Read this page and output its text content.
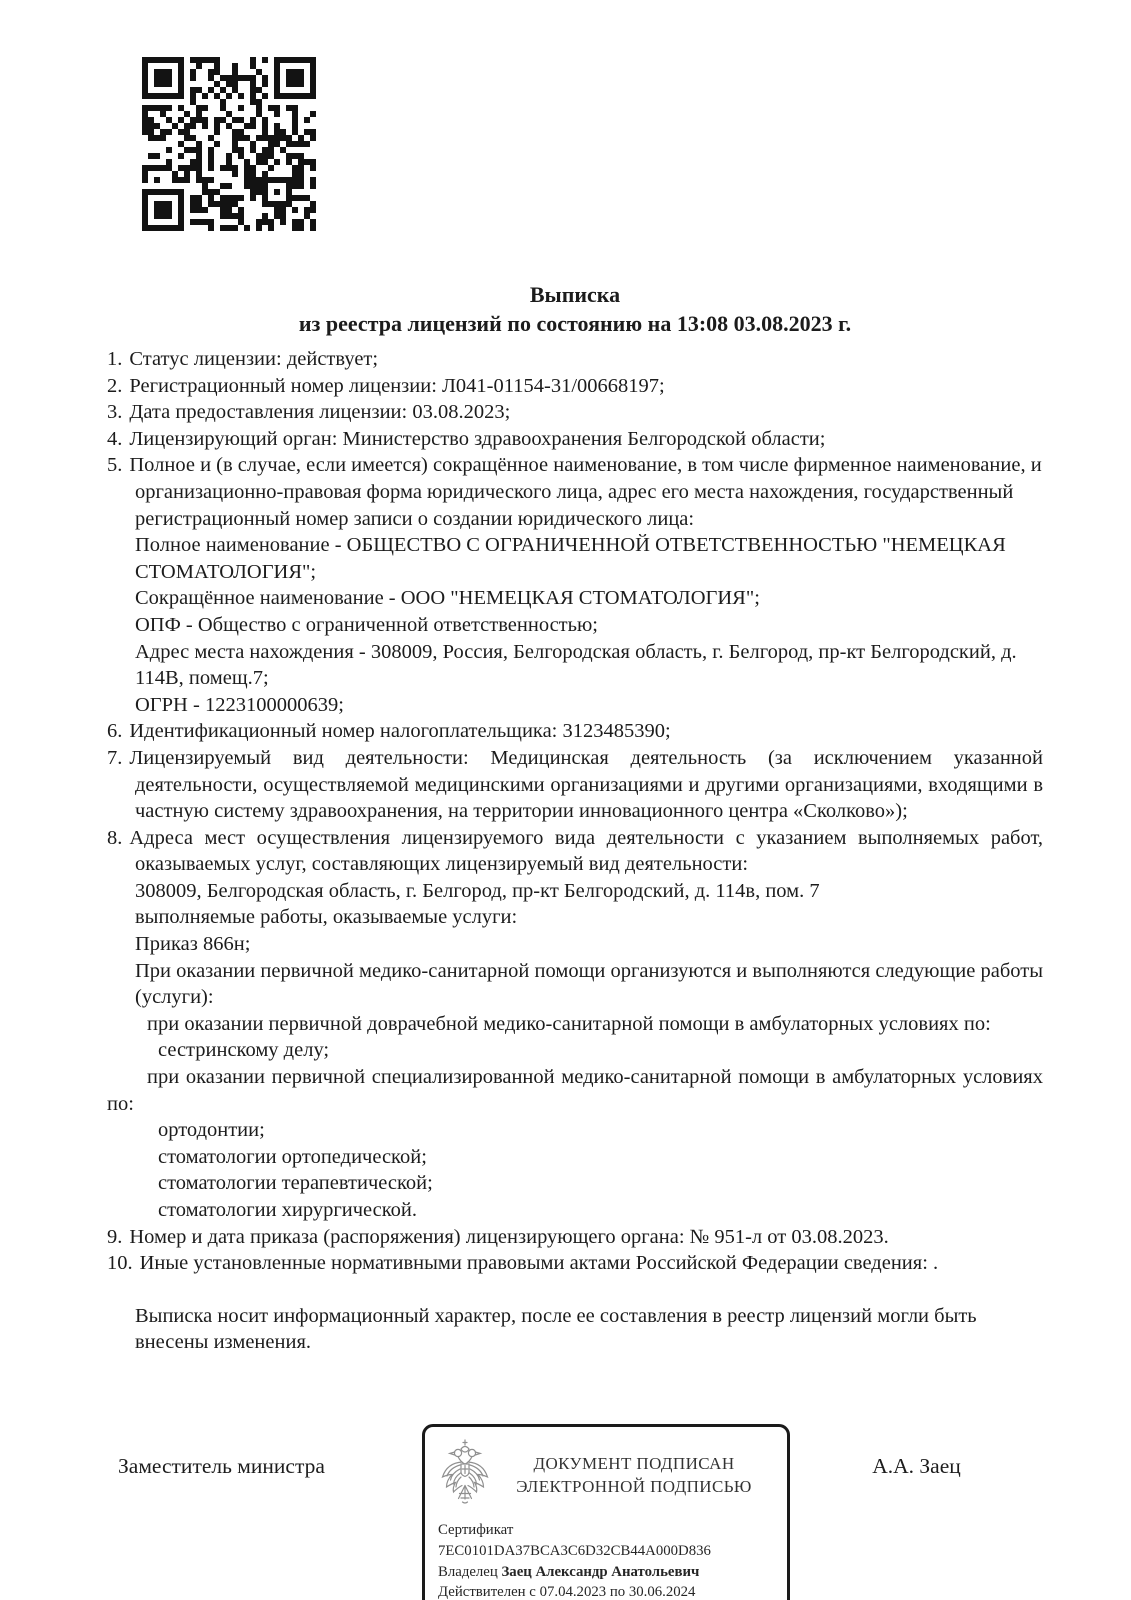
Выписка
из реестра лицензий по состоянию на 13:08 03.08.2023 г.

1. Статус лицензии: действует;

2. Регистрационный номер лицензии: Л041-01154-31/00668197;

3. Дата предоставления лицензии: 03.08.2023;

4. Лицензирующий орган: Министерство здравоохранения Белгородской области;

5. Полное и (в случае, если имеется) сокращённое наименование, в том числе фирменное наименование, и организационно-правовая форма юридического лица, адрес его места нахождения, государственный регистрационный номер записи о создании юридического лица:

Полное наименование - ОБЩЕСТВО С ОГРАНИЧЕННОЙ ОТВЕТСТВЕННОСТЬЮ "НЕМЕЦКАЯ СТОМАТОЛОГИЯ";
Сокращённое наименование - ООО "НЕМЕЦКАЯ СТОМАТОЛОГИЯ";
ОПФ - Общество с ограниченной ответственностью;
Адрес места нахождения - 308009, Россия, Белгородская область, г. Белгород, пр-кт Белгородский, д. 114В, помещ.7;
ОГРН - 1223100000639;

6. Идентификационный номер налогоплательщика: 3123485390;

7. Лицензируемый вид деятельности: Медицинская деятельность (за исключением указанной деятельности, осуществляемой медицинскими организациями и другими организациями, входящими в частную систему здравоохранения, на территории инновационного центра «Сколково»);

8. Адреса мест осуществления лицензируемого вида деятельности с указанием выполняемых работ, оказываемых услуг, составляющих лицензируемый вид деятельности:

308009, Белгородская область, г. Белгород, пр-кт Белгородский, д. 114в, пом. 7
выполняемые работы, оказываемые услуги:
Приказ 866н;
При оказании первичной медико-санитарной помощи организуются и выполняются следующие работы (услуги):
при оказании первичной доврачебной медико-санитарной помощи в амбулаторных условиях по:
сестринскому делу;
при оказании первичной специализированной медико-санитарной помощи в амбулаторных условиях по:
ортодонтии;
стоматологии ортопедической;
стоматологии терапевтической;
стоматологии хирургической.

9. Номер и дата приказа (распоряжения) лицензирующего органа: № 951-л от 03.08.2023.

10. Иные установленные нормативными правовыми актами Российской Федерации сведения: .

Выписка носит информационный характер, после ее составления в реестр лицензий могли быть внесены изменения.

Заместитель министра	ДОКУМЕНТ ПОДПИСАН
ЭЛЕКТРОННОЙ ПОДПИСЬЮ
Сертификат 7EC0101DA37BCA3C6D32CB44A000D836
Владелец Заец Александр Анатольевич
Действителен с 07.04.2023 по 30.06.2024
А.А. Заец
